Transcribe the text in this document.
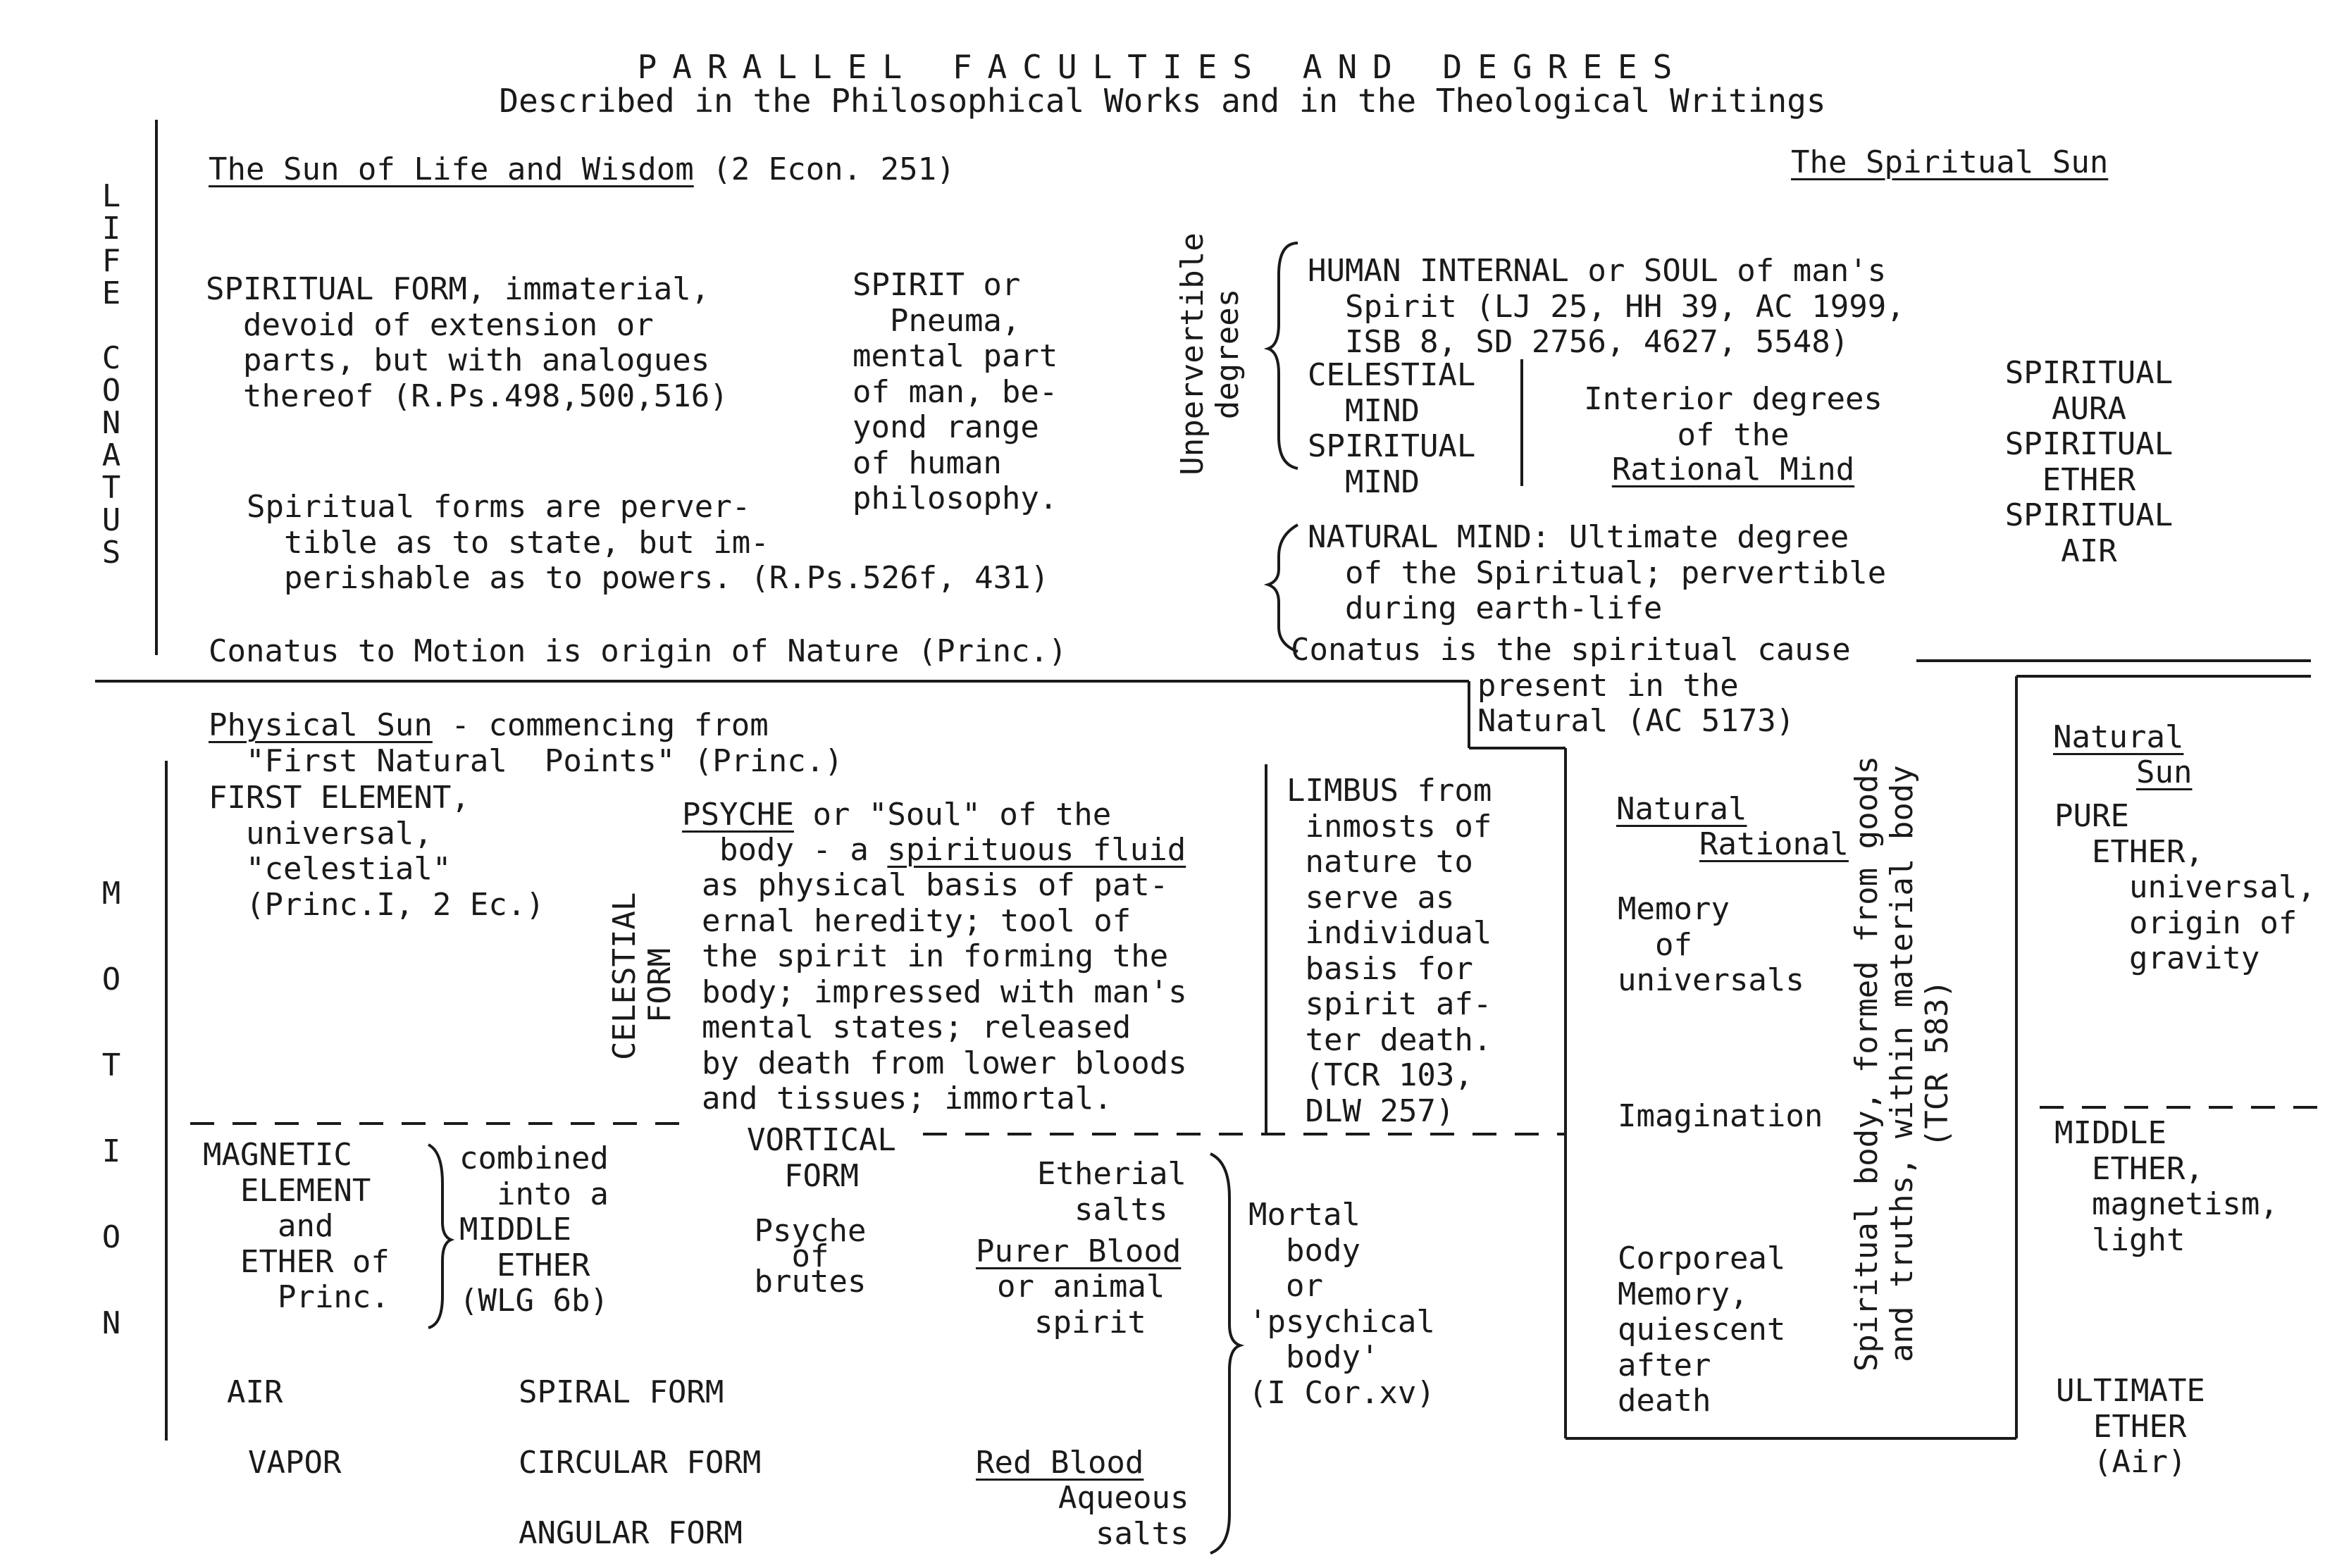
PARALLEL FACULTIES AND DEGREES
Described in the Philosophical Works and in the Theological Writings

L
I
F
E

C
O
N
A
T
U
S

M
O
T
I
O
N

The Sun of Life and Wisdom (2 Econ. 251)	The Spiritual Sun
SPIRITUAL FORM, immaterial,
devoid of extension or
parts, but with analogues
thereof (R.Ps.498,500,516)
SPIRIT or
Pneuma,
mental part
of man, be-
yond range
of human
philosophy.
Spiritual forms are perver-
tible as to state, but im-
perishable as to powers. (R.Ps.526f, 431)
Conatus to Motion is origin of Nature (Princ.)
Unpervertible
degrees
HUMAN INTERNAL or SOUL of man's
Spirit (LJ 25, HH 39, AC 1999,
ISB 8, SD 2756, 4627, 5548)
CELESTIAL
MIND
SPIRITUAL
MIND
Interior degrees
of the
Rational Mind
SPIRITUAL
AURA
SPIRITUAL
ETHER
SPIRITUAL
AIR
NATURAL MIND: Ultimate degree
of the Spiritual; pervertible
during earth-life
Conatus is the spiritual cause
present in the
Natural (AC 5173)
Physical Sun - commencing from
"First Natural  Points" (Princ.)
FIRST ELEMENT,
universal,
"celestial"
(Princ.I, 2 Ec.) CELESTIAL
FORM
PSYCHE or "Soul" of the
body - a spirituous fluid
as physical basis of pat-
ernal heredity; tool of
the spirit in forming the
body; impressed with man's
mental states; released
by death from lower bloods
and tissues; immortal.
LIMBUS from
inmosts of
nature to
serve as
individual
basis for
spirit af-
ter death.
(TCR 103,
DLW 257)
Natural
Rational
Memory
of
universals
Imagination
Corporeal
Memory,
quiescent
after
death
Spiritual body, formed from goods
and truths, within material body
(TCR 583)
Natural
Sun
PURE
ETHER,
universal,
origin of
gravity
MAGNETIC
ELEMENT
and
ETHER of
Princ.
combined
into a
MIDDLE
ETHER
(WLG 6b)
VORTICAL
FORM
Psyche
of
brutes
Etherial
salts
Purer Blood
or animal
spirit
Mortal
body
or
'psychical
body'
(I Cor.xv)
MIDDLE
ETHER,
magnetism,
light
AIR
VAPOR
SPIRAL FORM
CIRCULAR FORM
ANGULAR FORM
Red Blood
Aqueous
salts
ULTIMATE
ETHER
(Air)
